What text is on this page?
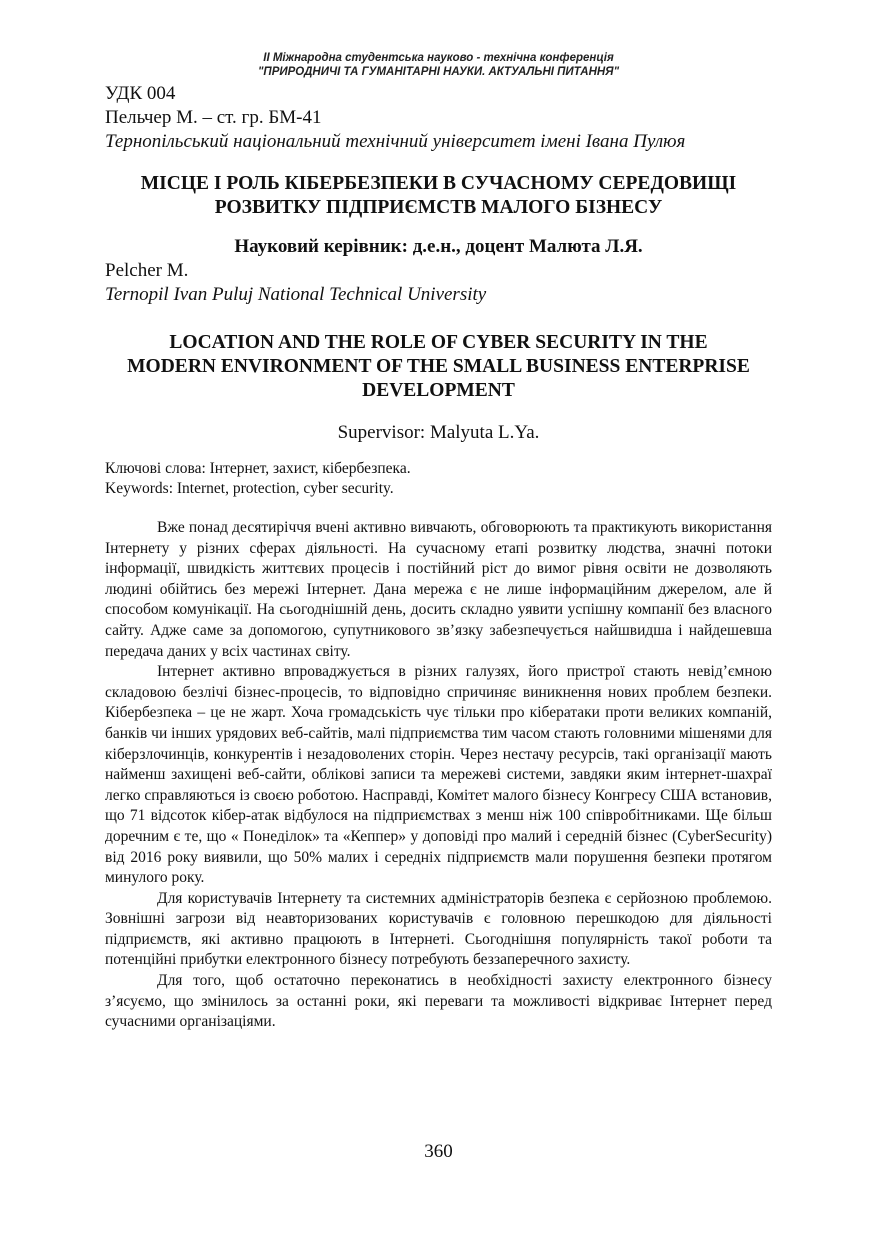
ІІ Міжнародна студентська науково - технічна конференція
"ПРИРОДНИЧІ ТА ГУМАНІТАРНІ НАУКИ. АКТУАЛЬНІ ПИТАННЯ"
УДК 004
Пельчер М. – ст. гр. БМ-41
Тернопільський національний технічний університет імені Івана Пулюя
МІСЦЕ І РОЛЬ КІБЕРБЕЗПЕКИ В СУЧАСНОМУ СЕРЕДОВИЩІ
РОЗВИТКУ ПІДПРИЄМСТВ МАЛОГО БІЗНЕСУ
Науковий керівник: д.е.н., доцент Малюта Л.Я.
Pelcher M.
Ternopil Ivan Puluj National Technical University
LOCATION AND THE ROLE OF CYBER SECURITY IN THE
MODERN ENVIRONMENT OF THE SMALL BUSINESS ENTERPRISE
DEVELOPMENT
Supervisor: Malyuta L.Ya.
Ключові слова: Інтернет, захист, кібербезпека.
Keywords: Internet, protection, cyber security.

Вже понад десятиріччя вчені активно вивчають, обговорюють та практикують використання Інтернету у різних сферах діяльності. На сучасному етапі розвитку людства, значні потоки інформації, швидкість життєвих процесів і постійний ріст до вимог рівня освіти не дозволяють людині обійтись без мережі Інтернет. Дана мережа є не лише інформаційним джерелом, але й способом комунікації. На сьогоднішній день, досить складно уявити успішну компанії без власного сайту. Адже саме за допомогою, супутникового зв’язку забезпечується найшвидша і найдешевша передача даних у всіх частинах світу.

Інтернет активно впроваджується в різних галузях, його пристрої стають невід’ємною складовою безлічі бізнес-процесів, то відповідно спричиняє виникнення нових проблем безпеки. Кібербезпека – це не жарт. Хоча громадськість чує тільки про кібератаки проти великих компаній, банків чи інших урядових веб-сайтів, малі підприємства тим часом стають головними мішенями для кіберзлочинців, конкурентів і незадоволених сторін. Через нестачу ресурсів, такі організації мають найменш захищені веб-сайти, облікові записи та мережеві системи, завдяки яким інтернет-шахраї легко справляються із своєю роботою. Насправді, Комітет малого бізнесу Конгресу США встановив, що 71 відсоток кібер-атак відбулося на підприємствах з менш ніж 100 співробітниками. Ще більш доречним є те, що « Понеділок» та «Кеппер» у доповіді про малий і середній бізнес (CyberSecurity) від 2016 року виявили, що 50% малих і середніх підприємств мали порушення безпеки протягом минулого року.

Для користувачів Інтернету та системних адміністраторів безпека є серйозною проблемою. Зовнішні загрози від неавторизованих користувачів є головною перешкодою для діяльності підприємств, які активно працюють в Інтернеті. Сьогоднішня популярність такої роботи та потенційні прибутки електронного бізнесу потребують беззаперечного захисту.

Для того, щоб остаточно переконатись в необхідності захисту електронного бізнесу з’ясуємо, що змінилось за останні роки, які переваги та можливості відкриває Інтернет перед сучасними організаціями.

360
